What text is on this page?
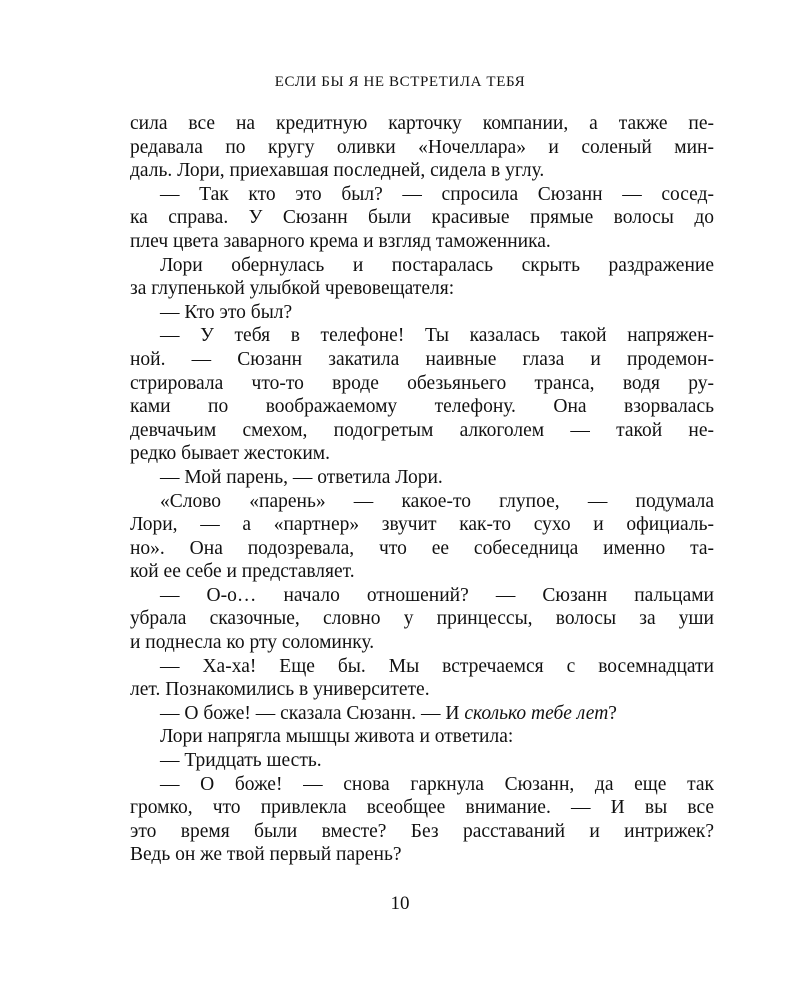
ЕСЛИ БЫ Я НЕ ВСТРЕТИЛА ТЕБЯ
сила все на кредитную карточку компании, а также пе-
редавала по кругу оливки «Ночеллара» и соленый мин-
даль. Лори, приехавшая последней, сидела в углу.
— Так кто это был? — спросила Сюзанн — сосед-
ка справа. У Сюзанн были красивые прямые волосы до
плеч цвета заварного крема и взгляд таможенника.
Лори обернулась и постаралась скрыть раздражение
за глупенькой улыбкой чревовещателя:
— Кто это был?
— У тебя в телефоне! Ты казалась такой напряжен-
ной. — Сюзанн закатила наивные глаза и продемон-
стрировала что-то вроде обезьяньего транса, водя ру-
ками по воображаемому телефону. Она взорвалась
девчачьим смехом, подогретым алкоголем — такой не-
редко бывает жестоким.
— Мой парень, — ответила Лори.
«Слово «парень» — какое-то глупое, — подумала
Лори, — а «партнер» звучит как-то сухо и официаль-
но». Она подозревала, что ее собеседница именно та-
кой ее себе и представляет.
— О-о… начало отношений? — Сюзанн пальцами
убрала сказочные, словно у принцессы, волосы за уши
и поднесла ко рту соломинку.
— Ха-ха! Еще бы. Мы встречаемся с восемнадцати
лет. Познакомились в университете.
— О боже! — сказала Сюзанн. — И сколько тебе лет?
Лори напрягла мышцы живота и ответила:
— Тридцать шесть.
— О боже! — снова гаркнула Сюзанн, да еще так
громко, что привлекла всеобщее внимание. — И вы все
это время были вместе? Без расставаний и интрижек?
Ведь он же твой первый парень?
10
